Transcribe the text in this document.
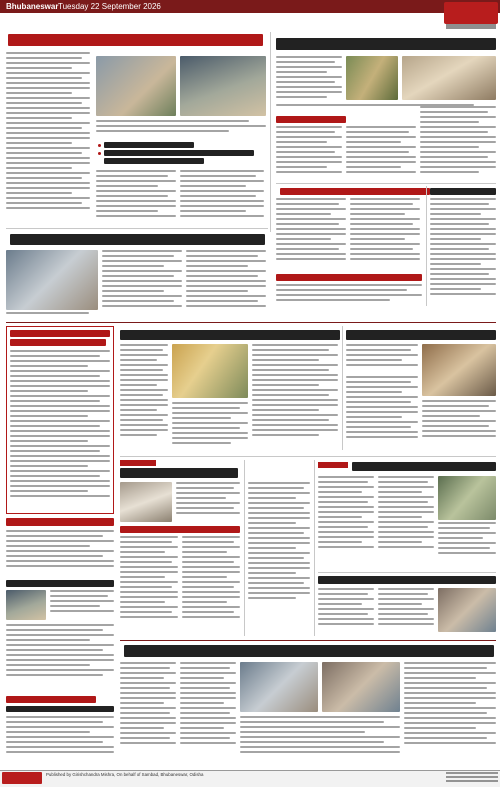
Bhubaneswar Tuesday 22 September 2026
Published by Girishchandra Mishra, On behalf of Sambad, Bhubaneswar, Odisha
